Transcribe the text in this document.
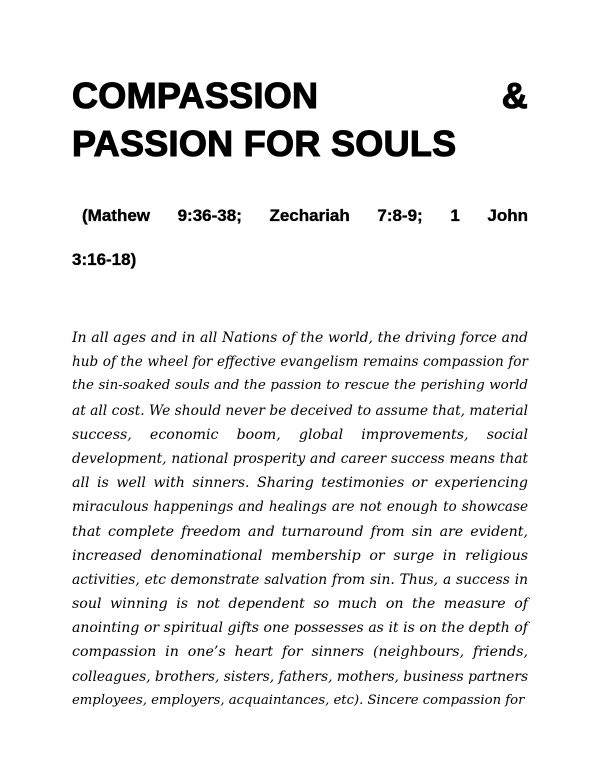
COMPASSION	&
PASSION FOR SOULS
(Mathew 9:36-38; Zechariah 7:8-9; 1 John
3:16-18)
In all ages and in all Nations of the world, the driving force and
hub of the wheel for effective evangelism remains compassion for
the sin-soaked souls and the passion to rescue the perishing world
at all cost. We should never be deceived to assume that, material
success, economic boom, global improvements, social
development, national prosperity and career success means that
all is well with sinners. Sharing testimonies or experiencing
miraculous happenings and healings are not enough to showcase
that complete freedom and turnaround from sin are evident,
increased denominational membership or surge in religious
activities, etc demonstrate salvation from sin. Thus, a success in
soul winning is not dependent so much on the measure of
anointing or spiritual gifts one possesses as it is on the depth of
compassion in one’s heart for sinners (neighbours, friends,
colleagues, brothers, sisters, fathers, mothers, business partners
employees, employers, acquaintances, etc). Sincere compassion for
